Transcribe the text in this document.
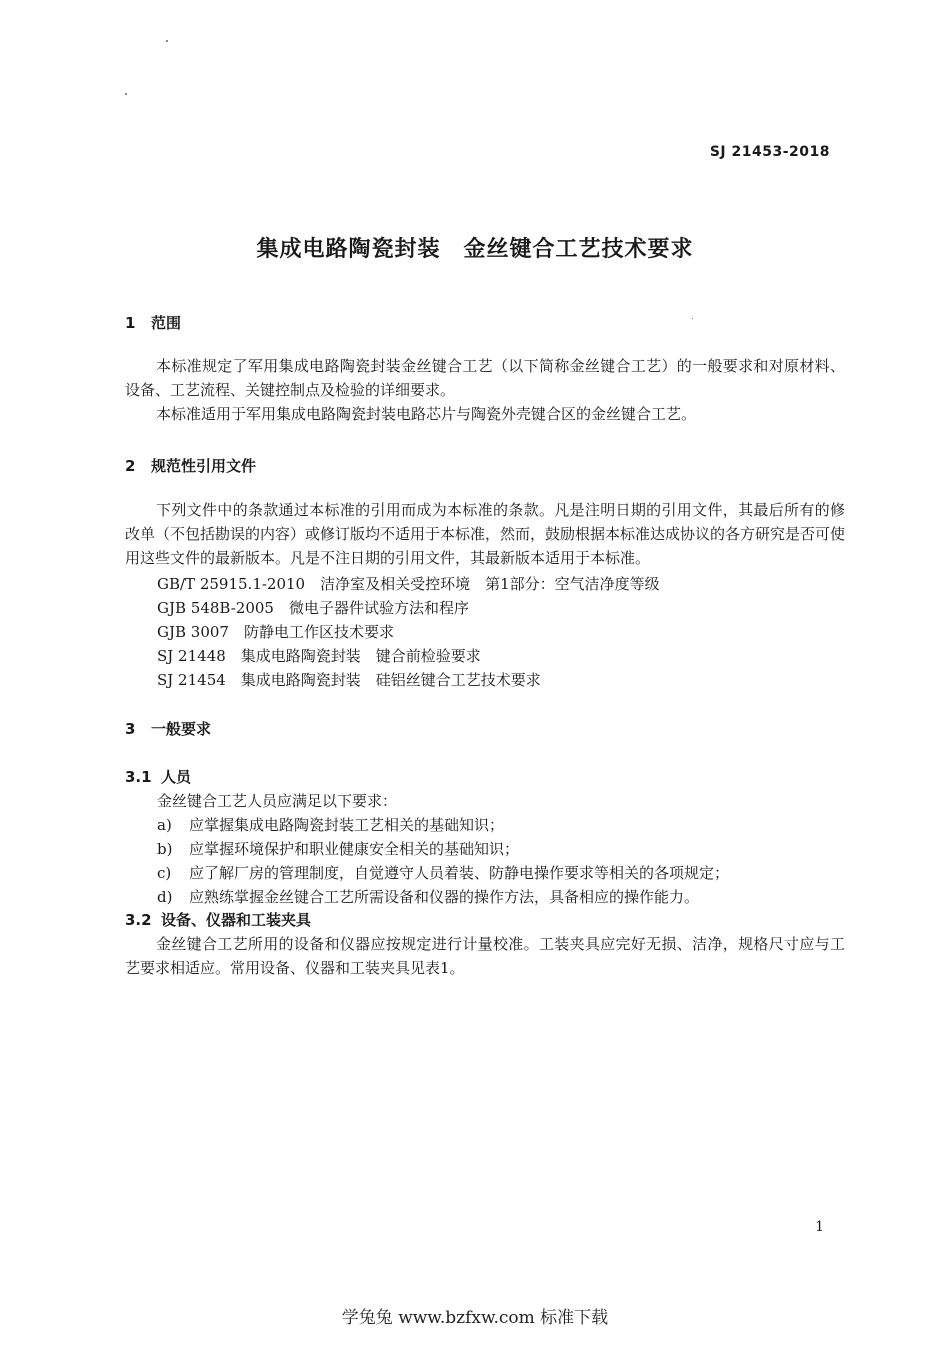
SJ 21453-2018
集成电路陶瓷封装　金丝键合工艺技术要求
1 范围

本标准规定了军用集成电路陶瓷封装金丝键合工艺（以下简称金丝键合工艺）的一般要求和对原材料、设备、工艺流程、关键控制点及检验的详细要求。

本标准适用于军用集成电路陶瓷封装电路芯片与陶瓷外壳键合区的金丝键合工艺。

2 规范性引用文件

下列文件中的条款通过本标准的引用而成为本标准的条款。凡是注明日期的引用文件，其最后所有的修改单（不包括勘误的内容）或修订版均不适用于本标准，然而，鼓励根据本标准达成协议的各方研究是否可使用这些文件的最新版本。凡是不注日期的引用文件，其最新版本适用于本标准。

GB/T 25915.1-2010　洁净室及相关受控环境　第1部分：空气洁净度等级
GJB 548B-2005　微电子器件试验方法和程序
GJB 3007　防静电工作区技术要求
SJ 21448　集成电路陶瓷封装　键合前检验要求
SJ 21454　集成电路陶瓷封装　硅铝丝键合工艺技术要求
3 一般要求
3.1 人员
金丝键合工艺人员应满足以下要求：
a) 应掌握集成电路陶瓷封装工艺相关的基础知识；
b) 应掌握环境保护和职业健康安全相关的基础知识；
c) 应了解厂房的管理制度，自觉遵守人员着装、防静电操作要求等相关的各项规定；
d) 应熟练掌握金丝键合工艺所需设备和仪器的操作方法，具备相应的操作能力。
3.2 设备、仪器和工装夹具

金丝键合工艺所用的设备和仪器应按规定进行计量校准。工装夹具应完好无损、洁净，规格尺寸应与工艺要求相适应。常用设备、仪器和工装夹具见表1。

1
学兔兔 www.bzfxw.com 标准下载
